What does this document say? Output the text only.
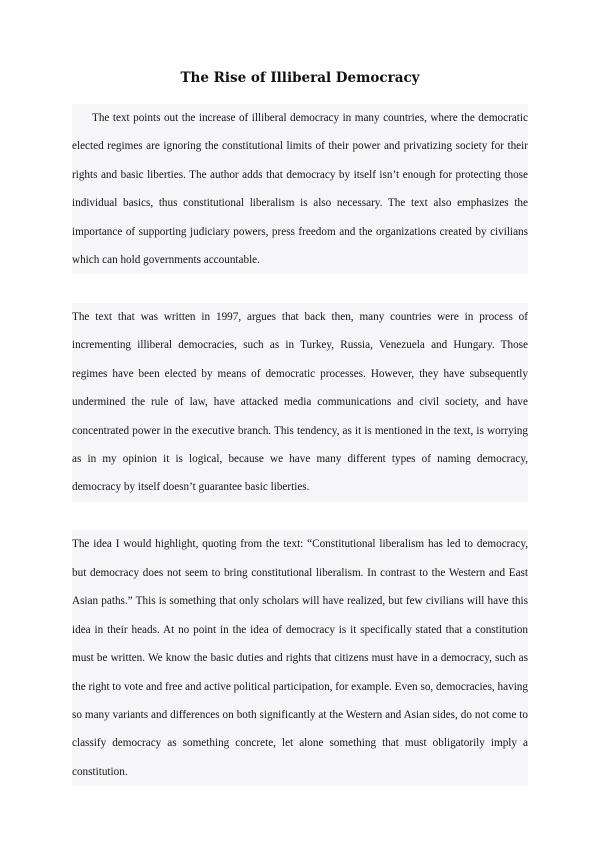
The Rise of Illiberal Democracy

The text points out the increase of illiberal democracy in many countries, where the democratic elected regimes are ignoring the constitutional limits of their power and privatizing society for their rights and basic liberties. The author adds that democracy by itself isn’t enough for protecting those individual basics, thus constitutional liberalism is also necessary. The text also emphasizes the importance of supporting judiciary powers, press freedom and the organizations created by civilians which can hold governments accountable.

The text that was written in 1997, argues that back then, many countries were in process of incrementing illiberal democracies, such as in Turkey, Russia, Venezuela and Hungary. Those regimes have been elected by means of democratic processes. However, they have subsequently undermined the rule of law, have attacked media communications and civil society, and have concentrated power in the executive branch. This tendency, as it is mentioned in the text, is worrying as in my opinion it is logical, because we have many different types of naming democracy, democracy by itself doesn’t guarantee basic liberties.

The idea I would highlight, quoting from the text: “Constitutional liberalism has led to democracy, but democracy does not seem to bring constitutional liberalism. In contrast to the Western and East Asian paths.” This is something that only scholars will have realized, but few civilians will have this idea in their heads. At no point in the idea of democracy is it specifically stated that a constitution must be written. We know the basic duties and rights that citizens must have in a democracy, such as the right to vote and free and active political participation, for example. Even so, democracies, having so many variants and differences on both significantly at the Western and Asian sides, do not come to classify democracy as something concrete, let alone something that must obligatorily imply a constitution.
